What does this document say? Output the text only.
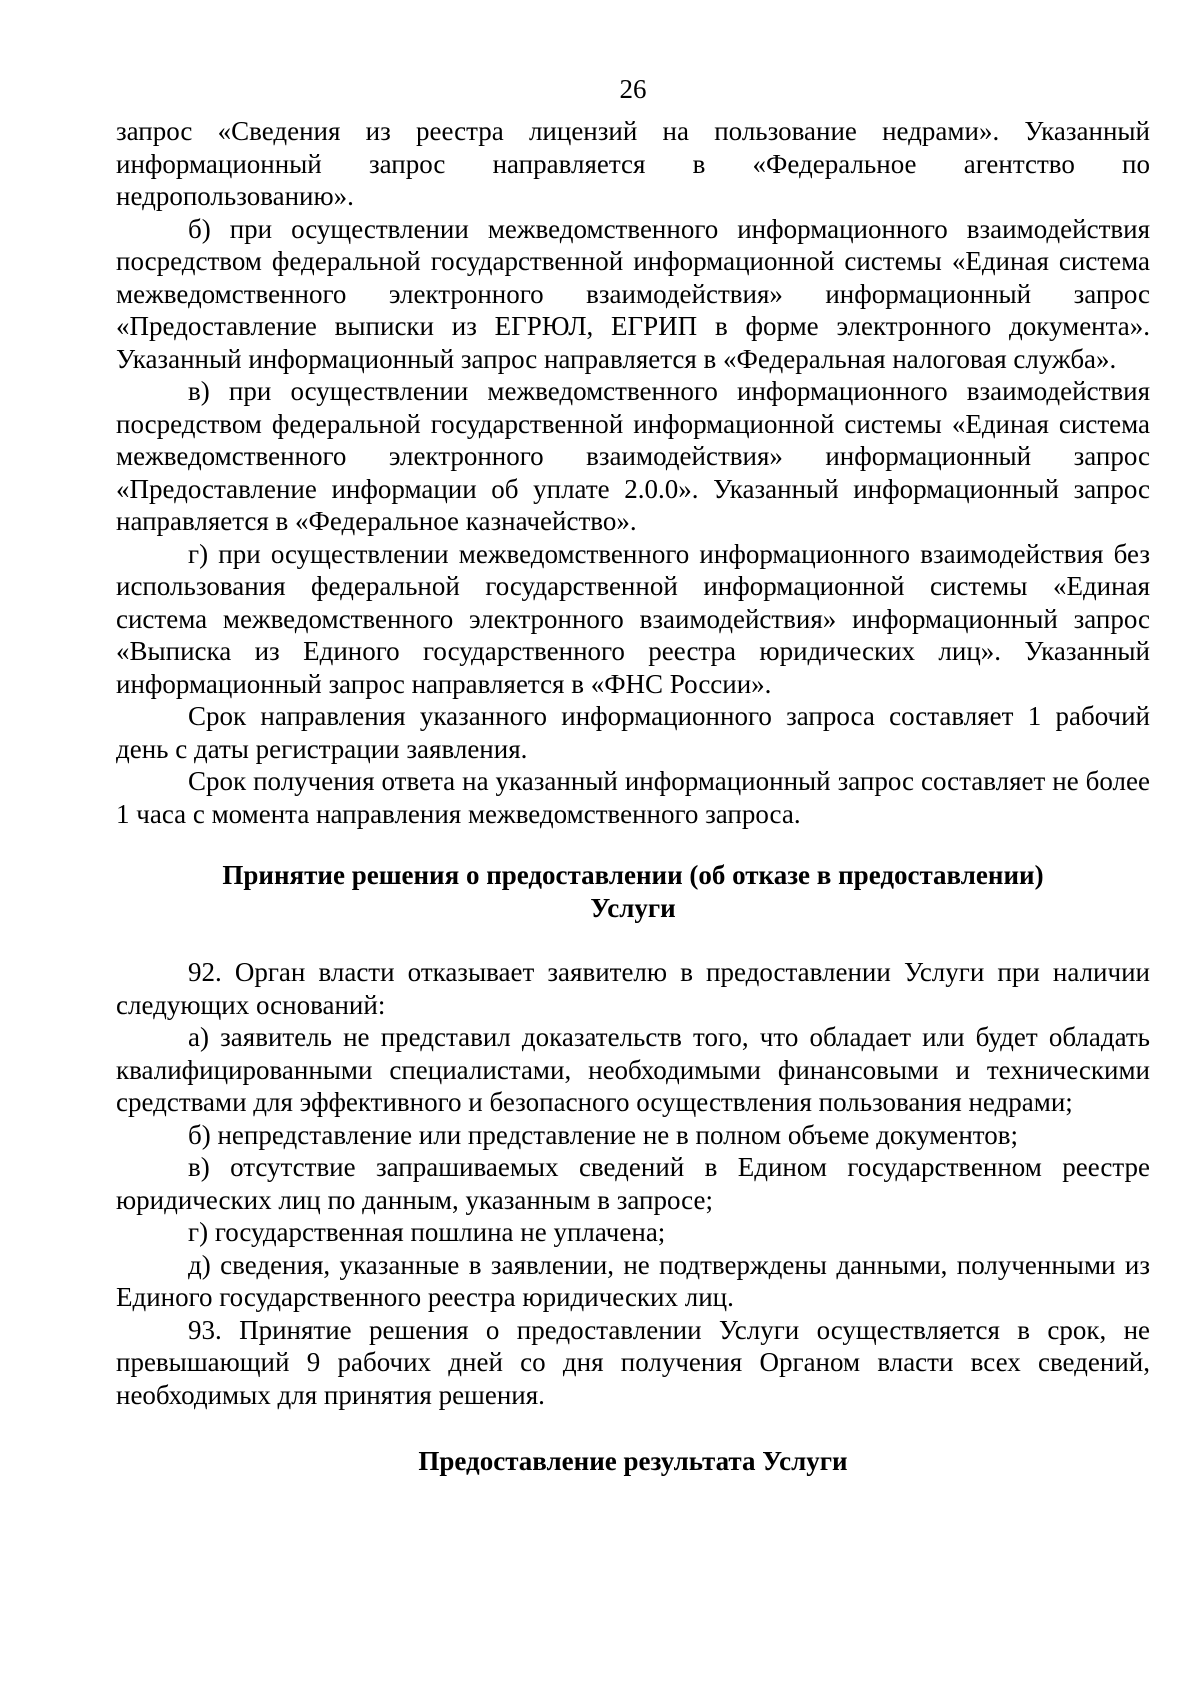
26

запрос «Сведения из реестра лицензий на пользование недрами». Указанный информационный запрос направляется в «Федеральное агентство по недропользованию».

б) при осуществлении межведомственного информационного взаимодействия посредством федеральной государственной информационной системы «Единая система межведомственного электронного взаимодействия» информационный запрос «Предоставление выписки из ЕГРЮЛ, ЕГРИП в форме электронного документа». Указанный информационный запрос направляется в «Федеральная налоговая служба».

в) при осуществлении межведомственного информационного взаимодействия посредством федеральной государственной информационной системы «Единая система межведомственного электронного взаимодействия» информационный запрос «Предоставление информации об уплате 2.0.0». Указанный информационный запрос направляется в «Федеральное казначейство».

г) при осуществлении межведомственного информационного взаимодействия без использования федеральной государственной информационной системы «Единая система межведомственного электронного взаимодействия» информационный запрос «Выписка из Единого государственного реестра юридических лиц». Указанный информационный запрос направляется в «ФНС России».

Срок направления указанного информационного запроса составляет 1 рабочий день с даты регистрации заявления.

Срок получения ответа на указанный информационный запрос составляет не более 1 часа с момента направления межведомственного запроса.

Принятие решения о предоставлении (об отказе в предоставлении)
Услуги

92. Орган власти отказывает заявителю в предоставлении Услуги при наличии следующих оснований:

а) заявитель не представил доказательств того, что обладает или будет обладать квалифицированными специалистами, необходимыми финансовыми и техническими средствами для эффективного и безопасного осуществления пользования недрами;

б) непредставление или представление не в полном объеме документов;

в) отсутствие запрашиваемых сведений в Едином государственном реестре юридических лиц по данным, указанным в запросе;

г) государственная пошлина не уплачена;

д) сведения, указанные в заявлении, не подтверждены данными, полученными из Единого государственного реестра юридических лиц.

93. Принятие решения о предоставлении Услуги осуществляется в срок, не превышающий 9 рабочих дней со дня получения Органом власти всех сведений, необходимых для принятия решения.

Предоставление результата Услуги
